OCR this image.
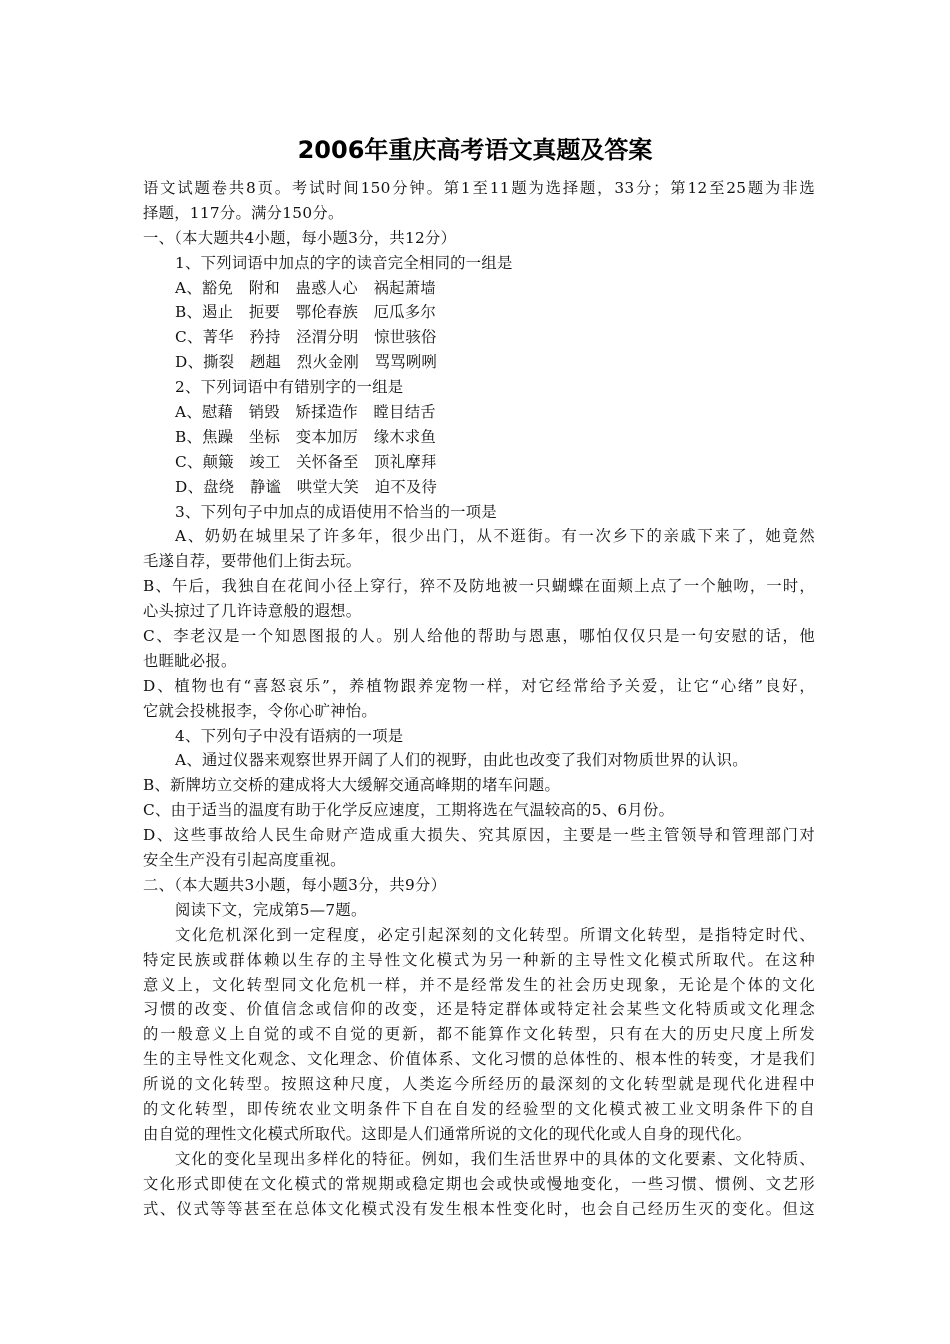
2006年重庆高考语文真题及答案
语文试题卷共8页。考试时间150分钟。第1至11题为选择题，33分；第12至25题为非选
择题，117分。满分150分。
一、（本大题共4小题，每小题3分，共12分）
1、下列词语中加点的字的读音完全相同的一组是
A、豁免　附和　蛊惑人心　祸起萧墙
B、遏止　扼要　鄂伦春族　厄瓜多尔
C、菁华　矜持　泾渭分明　惊世骇俗
D、撕裂　趔趄　烈火金刚　骂骂咧咧
2、下列词语中有错别字的一组是
A、慰藉　销毁　矫揉造作　瞠目结舌
B、焦躁　坐标　变本加厉　缘木求鱼
C、颠簸　竣工　关怀备至　顶礼摩拜
D、盘绕　静谧　哄堂大笑　迫不及待
3、下列句子中加点的成语使用不恰当的一项是
A、奶奶在城里呆了许多年，很少出门，从不逛街。有一次乡下的亲戚下来了，她竟然
毛遂自荐，要带他们上街去玩。
B、午后，我独自在花间小径上穿行，猝不及防地被一只蝴蝶在面颊上点了一个触吻，一时，
心头掠过了几许诗意般的遐想。
C、李老汉是一个知恩图报的人。别人给他的帮助与恩惠，哪怕仅仅只是一句安慰的话，他
也睚眦必报。
D、植物也有“喜怒哀乐”，养植物跟养宠物一样，对它经常给予关爱，让它“心绪”良好，
它就会投桃报李，令你心旷神怡。
4、下列句子中没有语病的一项是
A、通过仪器来观察世界开阔了人们的视野，由此也改变了我们对物质世界的认识。
B、新牌坊立交桥的建成将大大缓解交通高峰期的堵车问题。
C、由于适当的温度有助于化学反应速度，工期将选在气温较高的5、6月份。
D、这些事故给人民生命财产造成重大损失、究其原因，主要是一些主管领导和管理部门对
安全生产没有引起高度重视。
二、（本大题共3小题，每小题3分，共9分）
阅读下文，完成第5—7题。
文化危机深化到一定程度，必定引起深刻的文化转型。所谓文化转型，是指特定时代、
特定民族或群体赖以生存的主导性文化模式为另一种新的主导性文化模式所取代。在这种
意义上，文化转型同文化危机一样，并不是经常发生的社会历史现象，无论是个体的文化
习惯的改变、价值信念或信仰的改变，还是特定群体或特定社会某些文化特质或文化理念
的一般意义上自觉的或不自觉的更新，都不能算作文化转型，只有在大的历史尺度上所发
生的主导性文化观念、文化理念、价值体系、文化习惯的总体性的、根本性的转变，才是我们
所说的文化转型。按照这种尺度，人类迄今所经历的最深刻的文化转型就是现代化进程中
的文化转型，即传统农业文明条件下自在自发的经验型的文化模式被工业文明条件下的自
由自觉的理性文化模式所取代。这即是人们通常所说的文化的现代化或人自身的现代化。
文化的变化呈现出多样化的特征。例如，我们生活世界中的具体的文化要素、文化特质、
文化形式即使在文化模式的常规期或稳定期也会或快或慢地变化，一些习惯、惯例、文艺形
式、仪式等等甚至在总体文化模式没有发生根本性变化时，也会自己经历生灭的变化。但这
